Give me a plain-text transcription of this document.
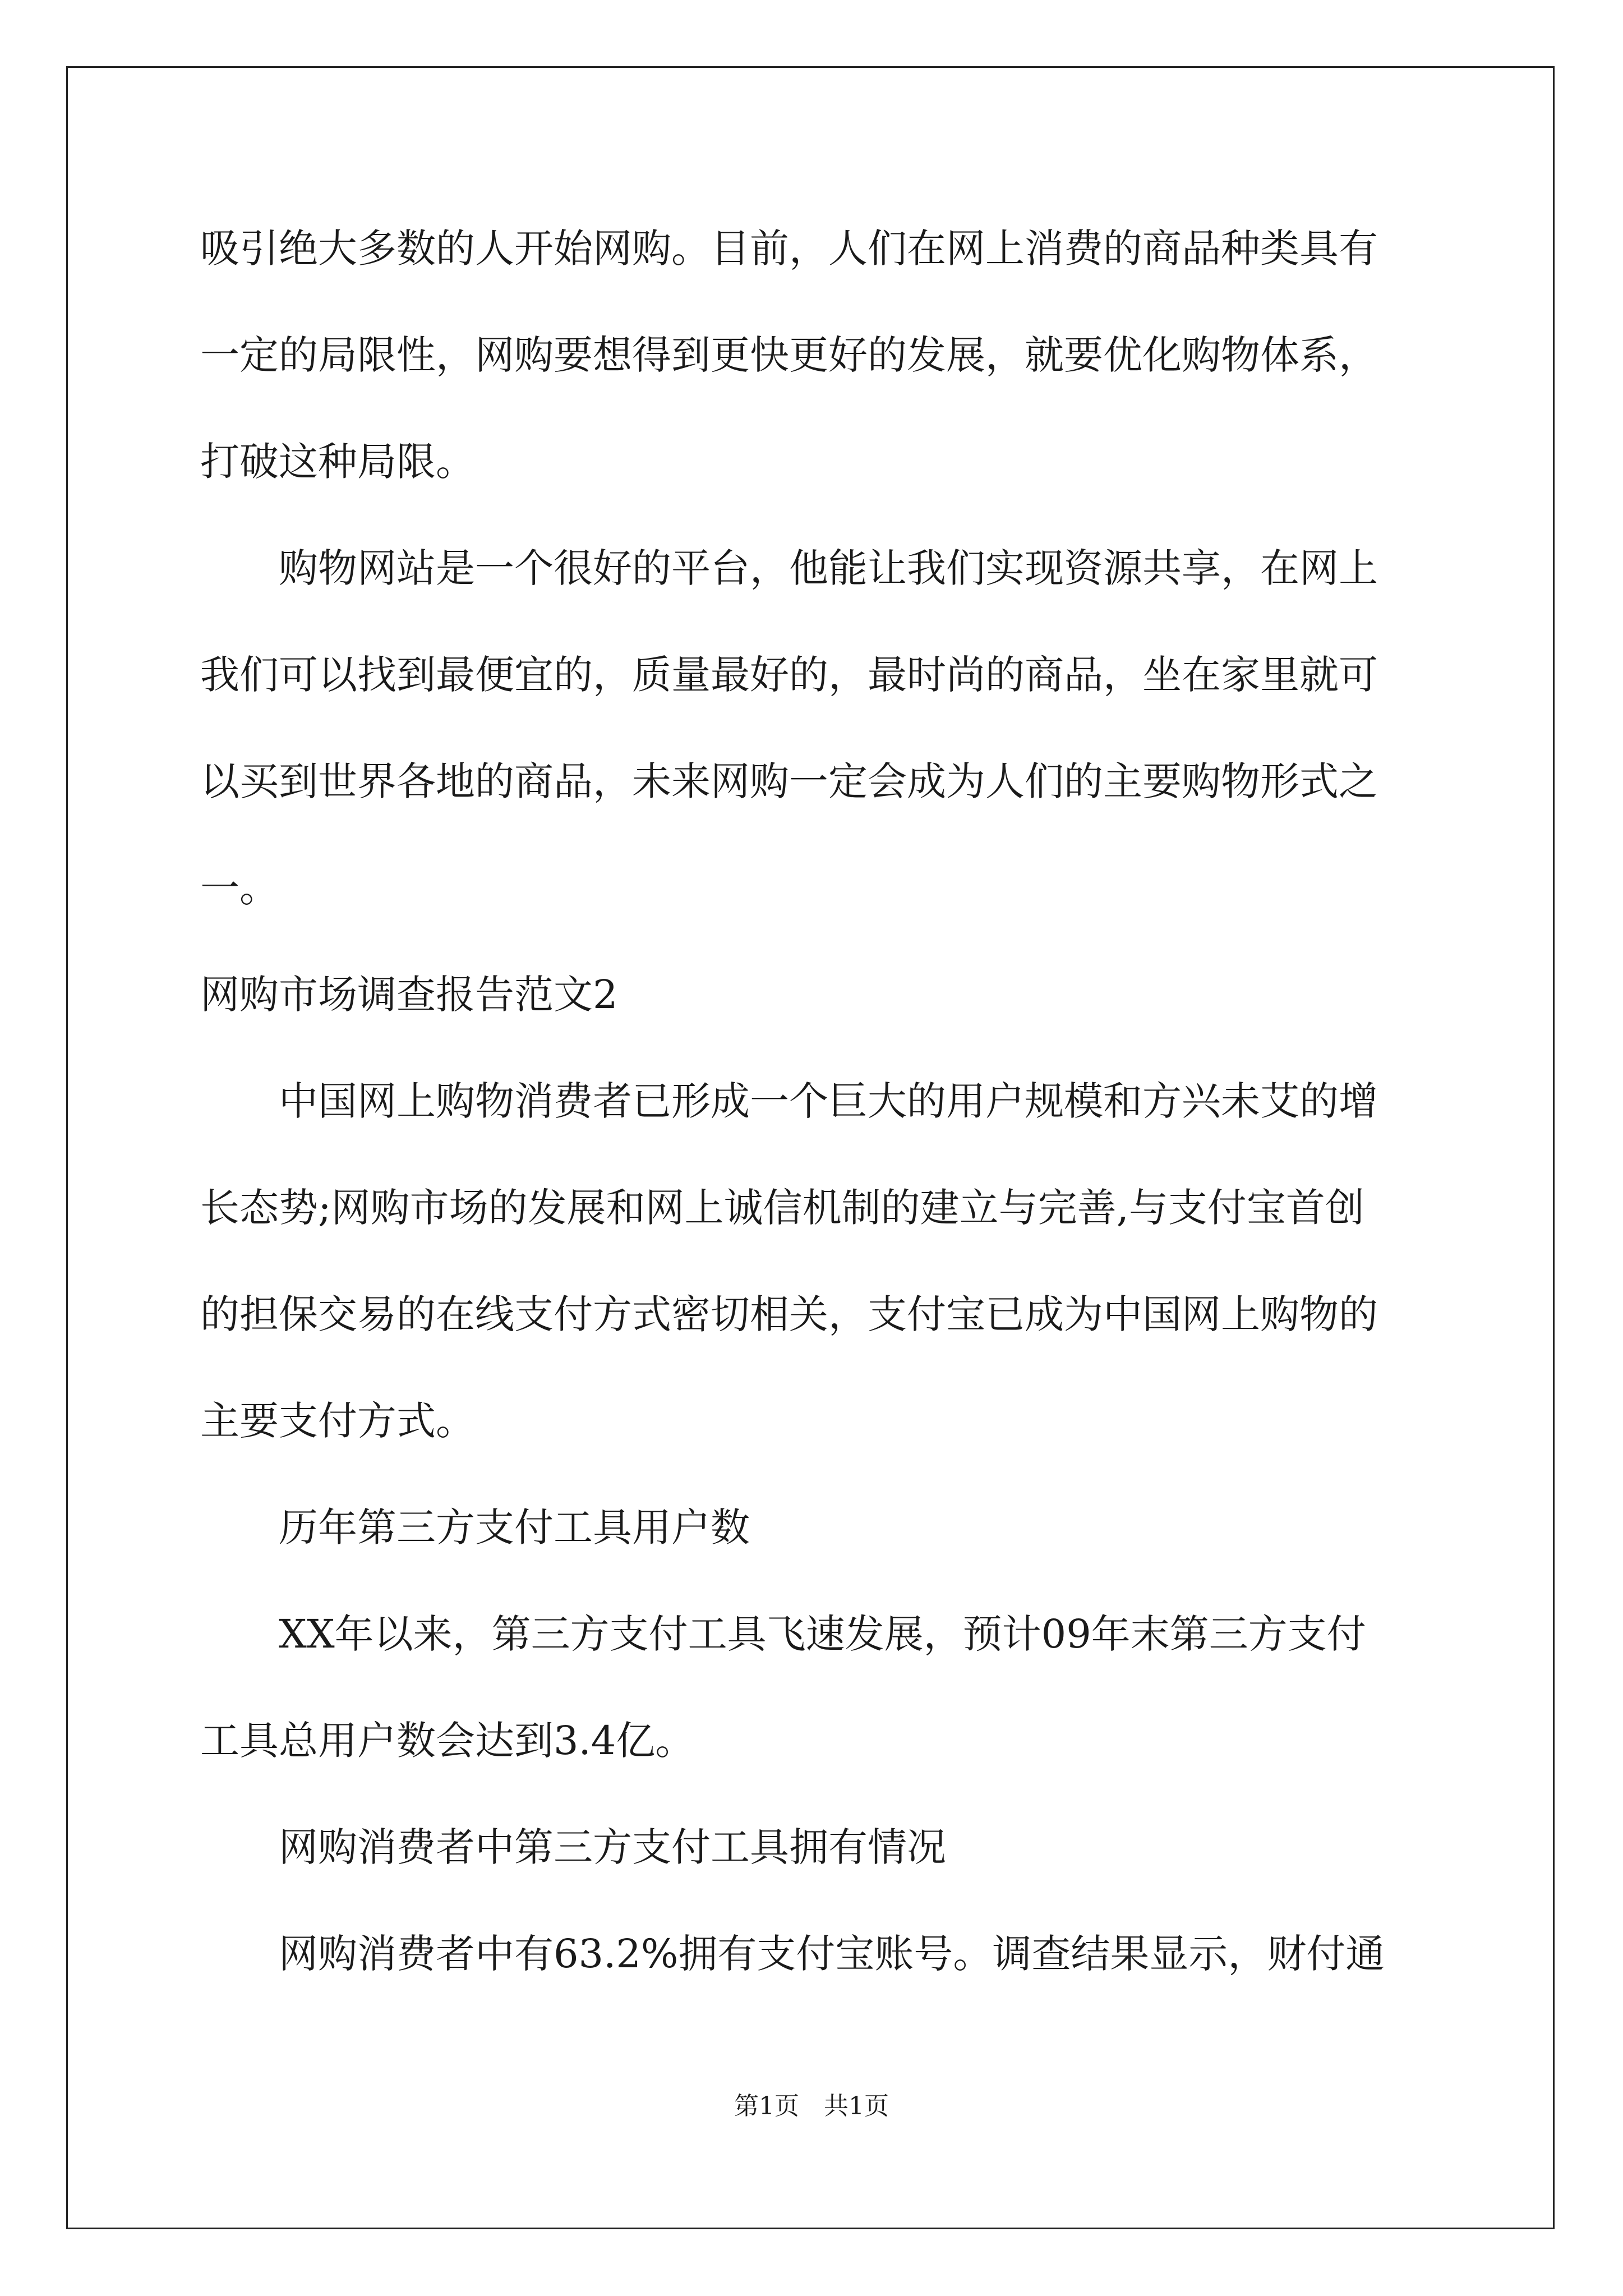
吸引绝大多数的人开始网购。目前，人们在网上消费的商品种类具有
一定的局限性，网购要想得到更快更好的发展，就要优化购物体系，
打破这种局限。
购物网站是一个很好的平台，他能让我们实现资源共享，在网上
我们可以找到最便宜的，质量最好的，最时尚的商品，坐在家里就可
以买到世界各地的商品，未来网购一定会成为人们的主要购物形式之
一。
网购市场调查报告范文2
中国网上购物消费者已形成一个巨大的用户规模和方兴未艾的增
长态势;网购市场的发展和网上诚信机制的建立与完善,与支付宝首创
的担保交易的在线支付方式密切相关，支付宝已成为中国网上购物的
主要支付方式。
历年第三方支付工具用户数
XX年以来，第三方支付工具飞速发展，预计09年末第三方支付
工具总用户数会达到3.4亿。
网购消费者中第三方支付工具拥有情况
网购消费者中有63.2%拥有支付宝账号。调查结果显示，财付通
第1页　共1页
